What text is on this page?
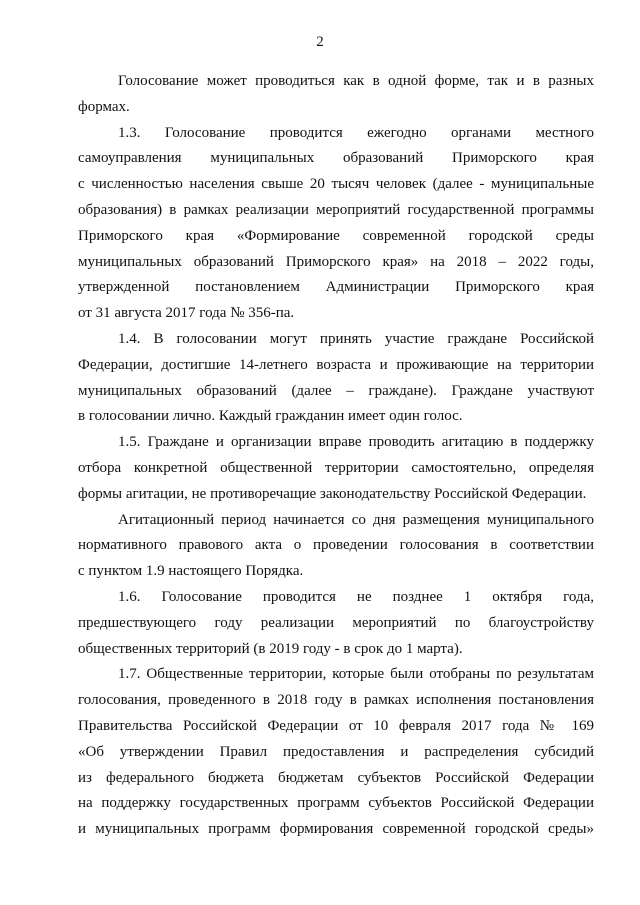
2
Голосование может проводиться как в одной форме, так и в разных
формах.
1.3. Голосование проводится ежегодно органами местного
самоуправления муниципальных образований Приморского края
с численностью населения свыше 20 тысяч человек (далее - муниципальные
образования) в рамках реализации мероприятий государственной программы
Приморского края «Формирование современной городской среды
муниципальных образований Приморского края» на 2018 – 2022 годы,
утвержденной постановлением Администрации Приморского края
от 31 августа 2017 года № 356-па.
1.4. В голосовании могут принять участие граждане Российской
Федерации, достигшие 14-летнего возраста и проживающие на территории
муниципальных образований (далее – граждане). Граждане участвуют
в голосовании лично. Каждый гражданин имеет один голос.
1.5. Граждане и организации вправе проводить агитацию в поддержку
отбора конкретной общественной территории самостоятельно, определяя
формы агитации, не противоречащие законодательству Российской Федерации.
Агитационный период начинается со дня размещения муниципального
нормативного правового акта о проведении голосования в соответствии
с пунктом 1.9 настоящего Порядка.
1.6. Голосование проводится не позднее 1 октября года,
предшествующего году реализации мероприятий по благоустройству
общественных территорий (в 2019 году - в срок до 1 марта).
1.7. Общественные территории, которые были отобраны по результатам
голосования, проведенного в 2018 году в рамках исполнения постановления
Правительства Российской Федерации от 10 февраля 2017 года № 169
«Об утверждении Правил предоставления и распределения субсидий
из федерального бюджета бюджетам субъектов Российской Федерации
на поддержку государственных программ субъектов Российской Федерации
и муниципальных программ формирования современной городской среды»
